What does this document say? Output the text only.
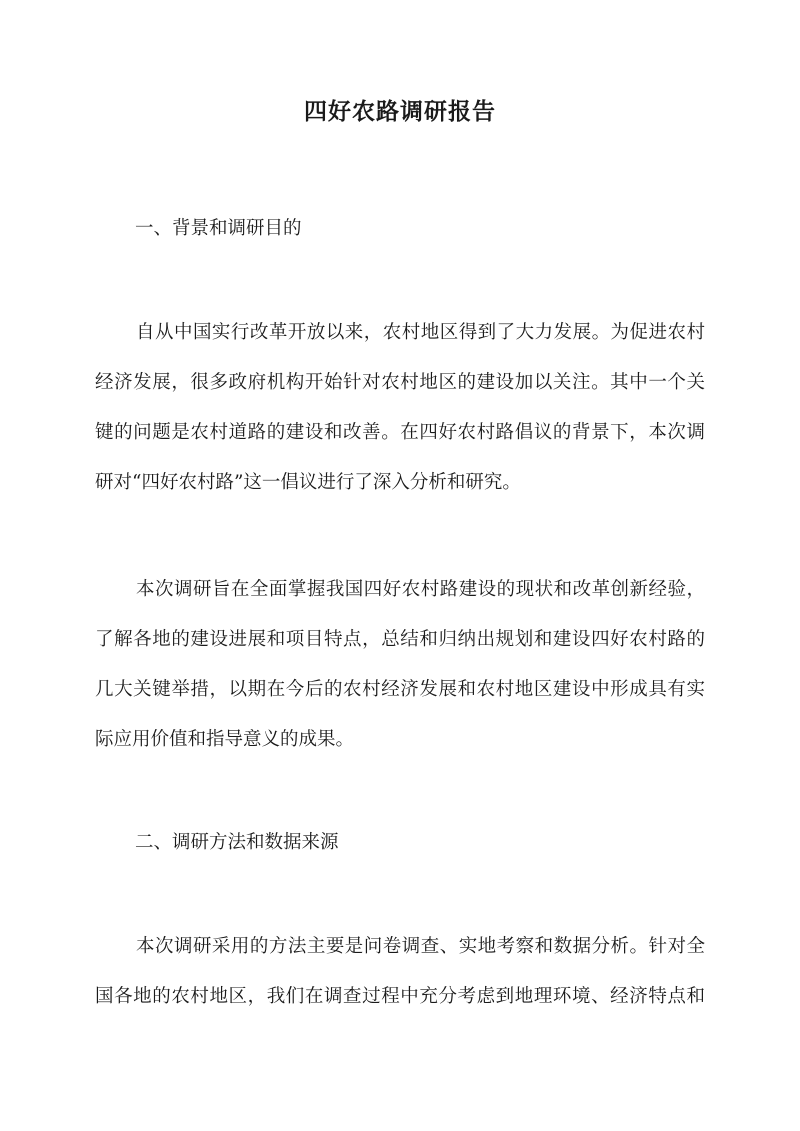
四好农路调研报告
一、背景和调研目的
自从中国实行改革开放以来，农村地区得到了大力发展。为促进农村
经济发展，很多政府机构开始针对农村地区的建设加以关注。其中一个关
键的问题是农村道路的建设和改善。在四好农村路倡议的背景下，本次调
研对“四好农村路”这一倡议进行了深入分析和研究。
本次调研旨在全面掌握我国四好农村路建设的现状和改革创新经验，
了解各地的建设进展和项目特点，总结和归纳出规划和建设四好农村路的
几大关键举措，以期在今后的农村经济发展和农村地区建设中形成具有实
际应用价值和指导意义的成果。
二、调研方法和数据来源
本次调研采用的方法主要是问卷调查、实地考察和数据分析。针对全
国各地的农村地区，我们在调查过程中充分考虑到地理环境、经济特点和
